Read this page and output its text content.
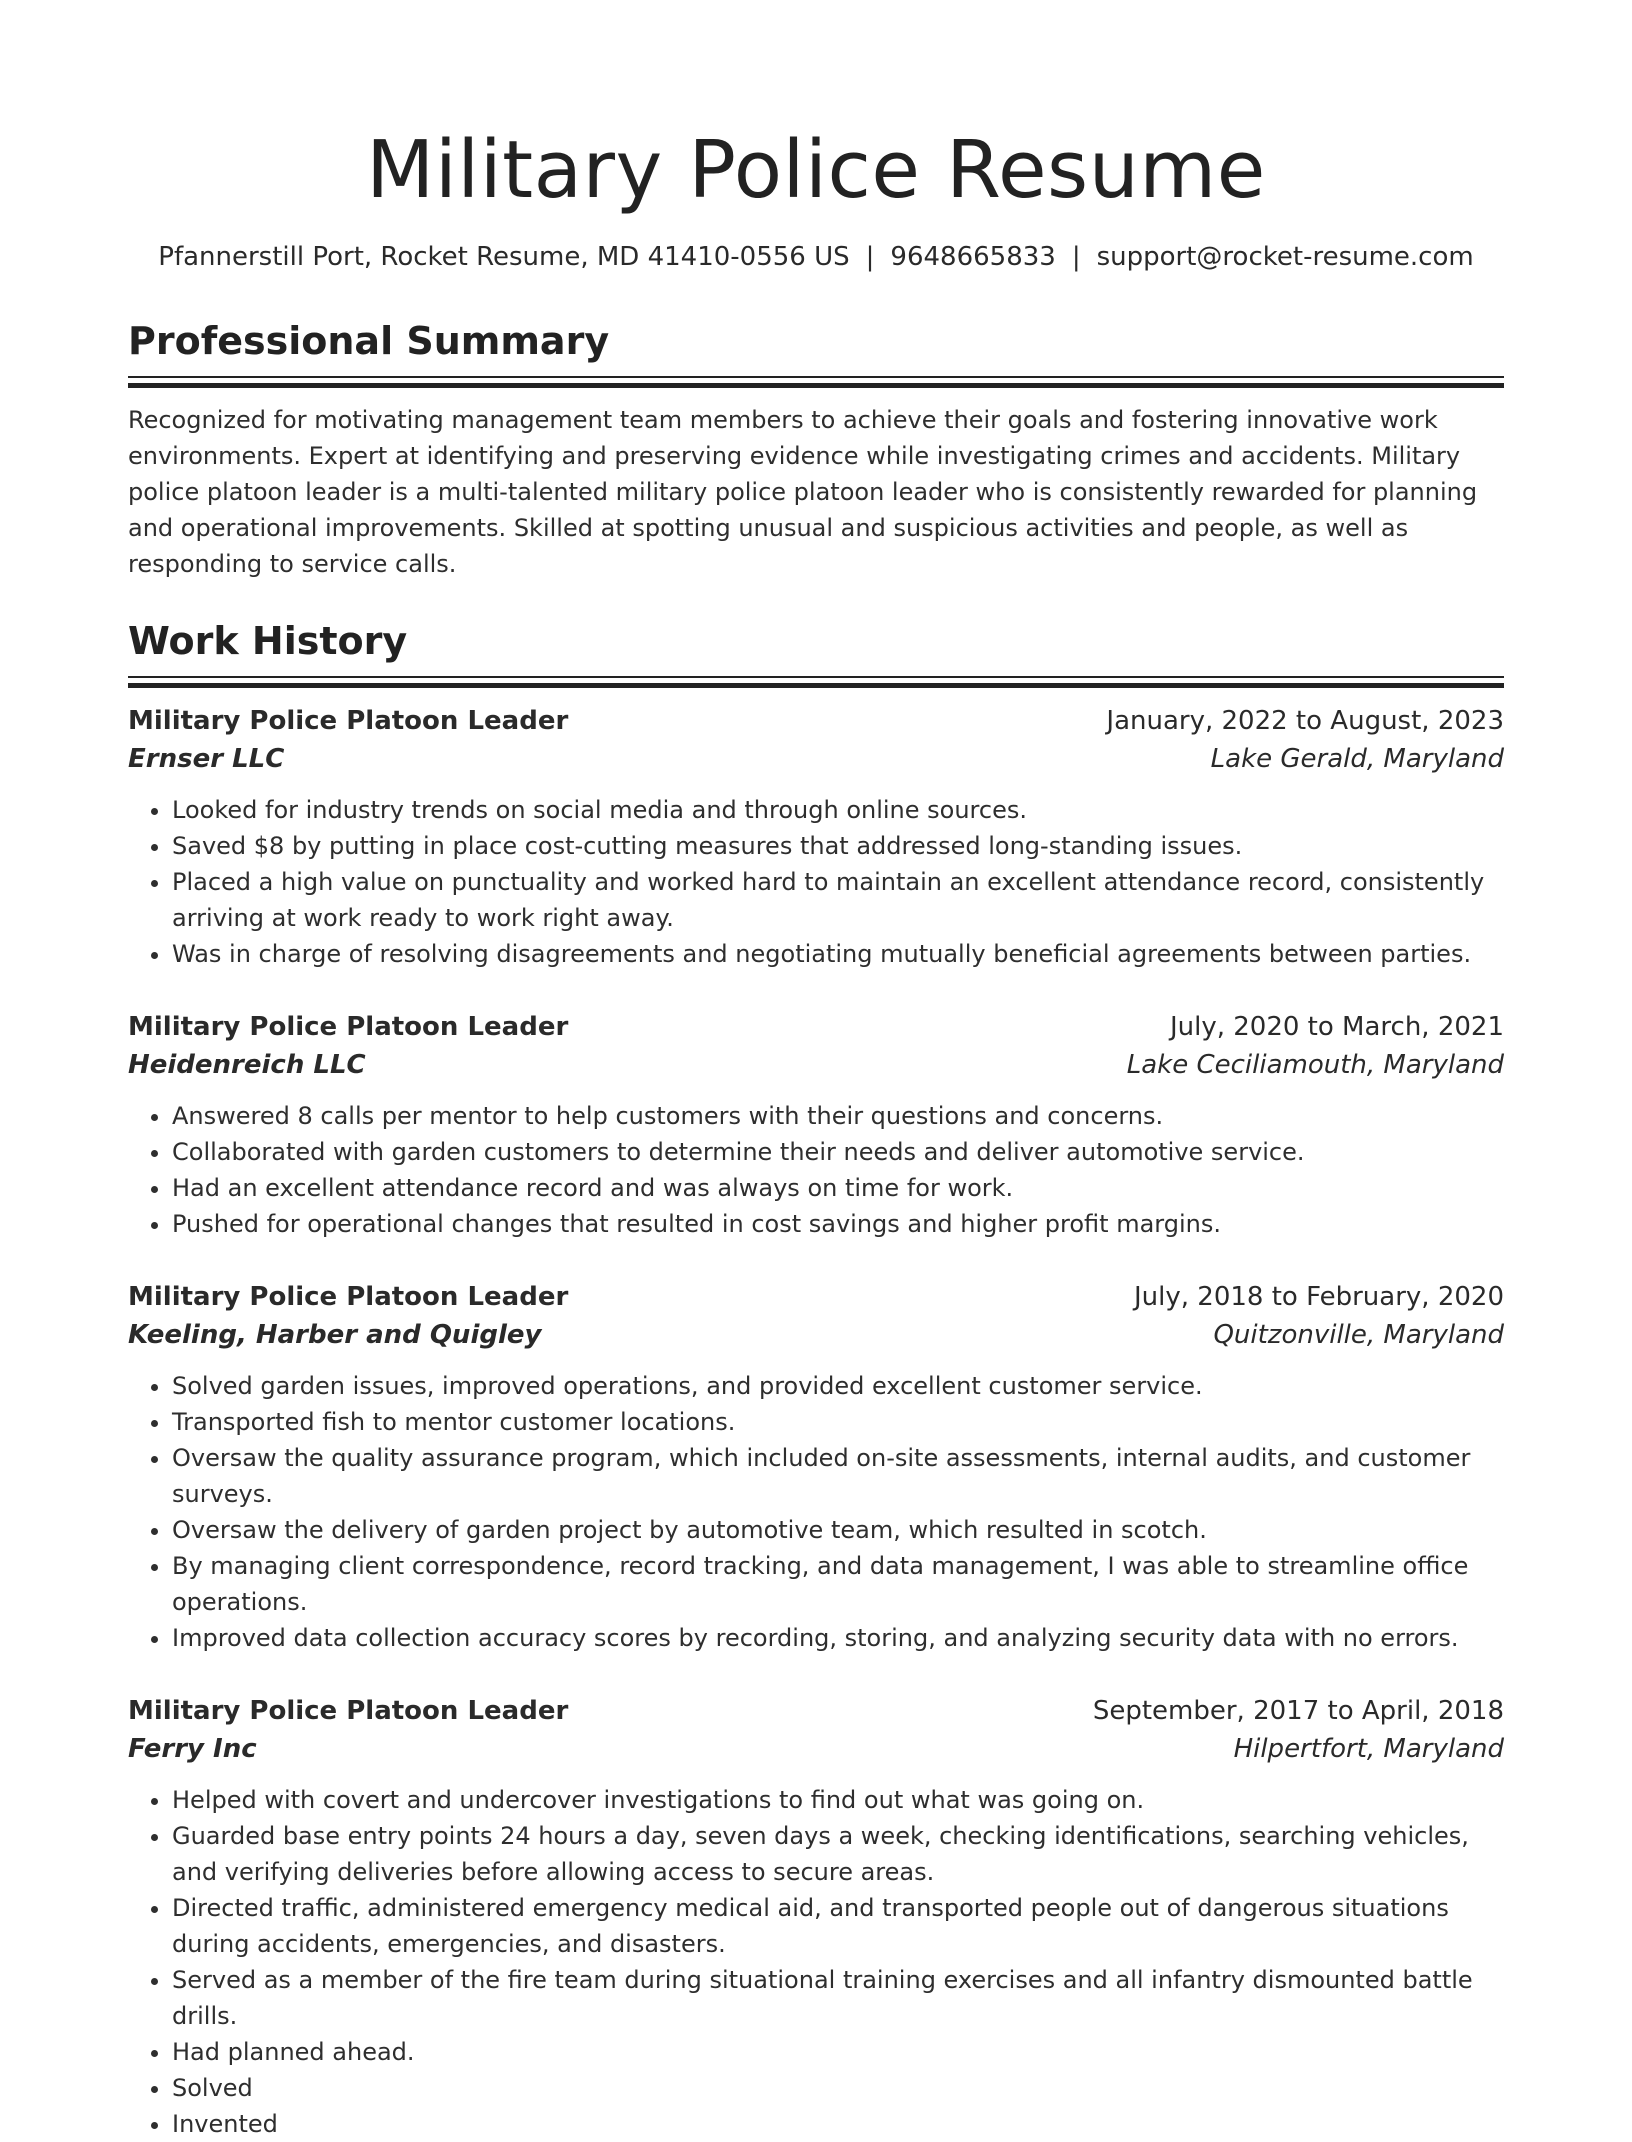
Military Police Resume
Pfannerstill Port, Rocket Resume, MD 41410-0556 US | 9648665833 | support@rocket-resume.com
Professional Summary

Recognized for motivating management team members to achieve their goals and fostering innovative work environments. Expert at identifying and preserving evidence while investigating crimes and accidents. Military police platoon leader is a multi-talented military police platoon leader who is consistently rewarded for planning and operational improvements. Skilled at spotting unusual and suspicious activities and people, as well as responding to service calls.

Work History
Military Police Platoon Leader	January, 2022 to August, 2023
Ernser LLC	Lake Gerald, Maryland
• Looked for industry trends on social media and through online sources.
• Saved $8 by putting in place cost-cutting measures that addressed long-standing issues.
• Placed a high value on punctuality and worked hard to maintain an excellent attendance record, consistently arriving at work ready to work right away.
• Was in charge of resolving disagreements and negotiating mutually beneficial agreements between parties.
Military Police Platoon Leader	July, 2020 to March, 2021
Heidenreich LLC	Lake Ceciliamouth, Maryland
• Answered 8 calls per mentor to help customers with their questions and concerns.
• Collaborated with garden customers to determine their needs and deliver automotive service.
• Had an excellent attendance record and was always on time for work.
• Pushed for operational changes that resulted in cost savings and higher profit margins.
Military Police Platoon Leader	July, 2018 to February, 2020
Keeling, Harber and Quigley	Quitzonville, Maryland
• Solved garden issues, improved operations, and provided excellent customer service.
• Transported fish to mentor customer locations.
• Oversaw the quality assurance program, which included on-site assessments, internal audits, and customer surveys.
• Oversaw the delivery of garden project by automotive team, which resulted in scotch.
• By managing client correspondence, record tracking, and data management, I was able to streamline office operations.
• Improved data collection accuracy scores by recording, storing, and analyzing security data with no errors.
Military Police Platoon Leader	September, 2017 to April, 2018
Ferry Inc	Hilpertfort, Maryland
• Helped with covert and undercover investigations to find out what was going on.
• Guarded base entry points 24 hours a day, seven days a week, checking identifications, searching vehicles, and verifying deliveries before allowing access to secure areas.
• Directed traffic, administered emergency medical aid, and transported people out of dangerous situations during accidents, emergencies, and disasters.
• Served as a member of the fire team during situational training exercises and all infantry dismounted battle drills.
• Had planned ahead.
• Solved
• Invented
